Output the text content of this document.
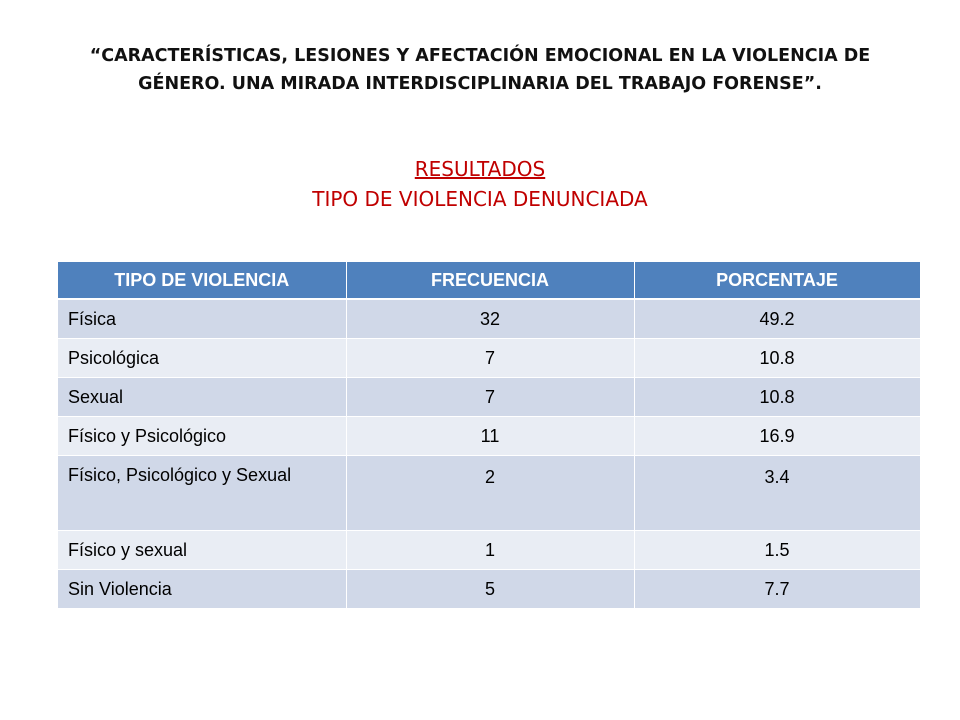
“CARACTERÍSTICAS, LESIONES Y AFECTACIÓN EMOCIONAL EN LA VIOLENCIA DE GÉNERO. UNA MIRADA INTERDISCIPLINARIA DEL TRABAJO FORENSE”.
RESULTADOS
TIPO DE VIOLENCIA DENUNCIADA
TIPO DE VIOLENCIA	FRECUENCIA	PORCENTAJE
Física	32	49.2
Psicológica	7	10.8
Sexual	7	10.8
Físico y Psicológico	11	16.9
Físico, Psicológico y Sexual	2	3.4
Físico y sexual	1	1.5
Sin Violencia	5	7.7
